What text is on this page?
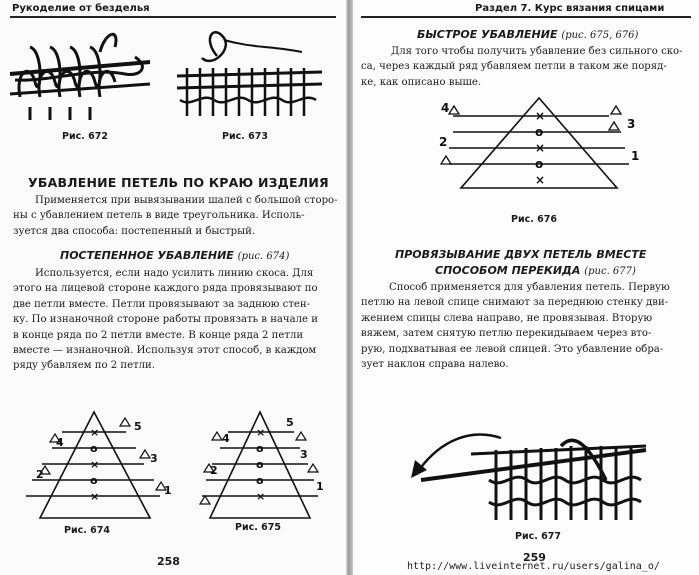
Рукоделие от безделья
Рис. 672	Рис. 673
УБАВЛЕНИЕ ПЕТЕЛЬ ПО КРАЮ ИЗДЕЛИЯ
Применяется при вывязывании шалей с большой сторо-
ны с убавлением петель в виде треугольника. Исполь-
зуется два способа: постепенный и быстрый.
ПОСТЕПЕННОЕ УБАВЛЕНИЕ (рис. 674)
Используется, если надо усилить линию скоса. Для
этого на лицевой стороне каждого ряда провязывают по
две петли вместе. Петли провязывают за заднюю стен-
ку. По изнаночной стороне работы провязать в начале и
в конце ряда по 2 петли вместе. В конце ряда 2 петли
вместе — изнаночной. Используя этот способ, в каждом
ряду убавляем по 2 петли.
×
o
×
o
×
5
4
3
2
1
Рис. 674
×
o
o
o
×
5
4
3
2
1
Рис. 675
258
Раздел 7. Курс вязания спицами
БЫСТРОЕ УБАВЛЕНИЕ (рис. 675, 676)
Для того чтобы получить убавление без сильного ско-
са, через каждый ряд убавляем петли в таком же поряд-
ке, как описано выше.
×
o
×
o
×
4
3
2
1
Рис. 676
ПРОВЯЗЫВАНИЕ ДВУХ ПЕТЕЛЬ ВМЕСТЕ
СПОСОБОМ ПЕРЕКИДА (рис. 677)
Способ применяется для убавления петель. Первую
петлю на левой спице снимают за переднюю стенку дви-
жением спицы слева направо, не провязывая. Вторую
вяжем, затем снятую петлю перекидываем через вто-
рую, подхватывая ее левой спицей. Это убавление обра-
зует наклон справа налево.
Рис. 677
259
http://www.liveinternet.ru/users/galina_o/
